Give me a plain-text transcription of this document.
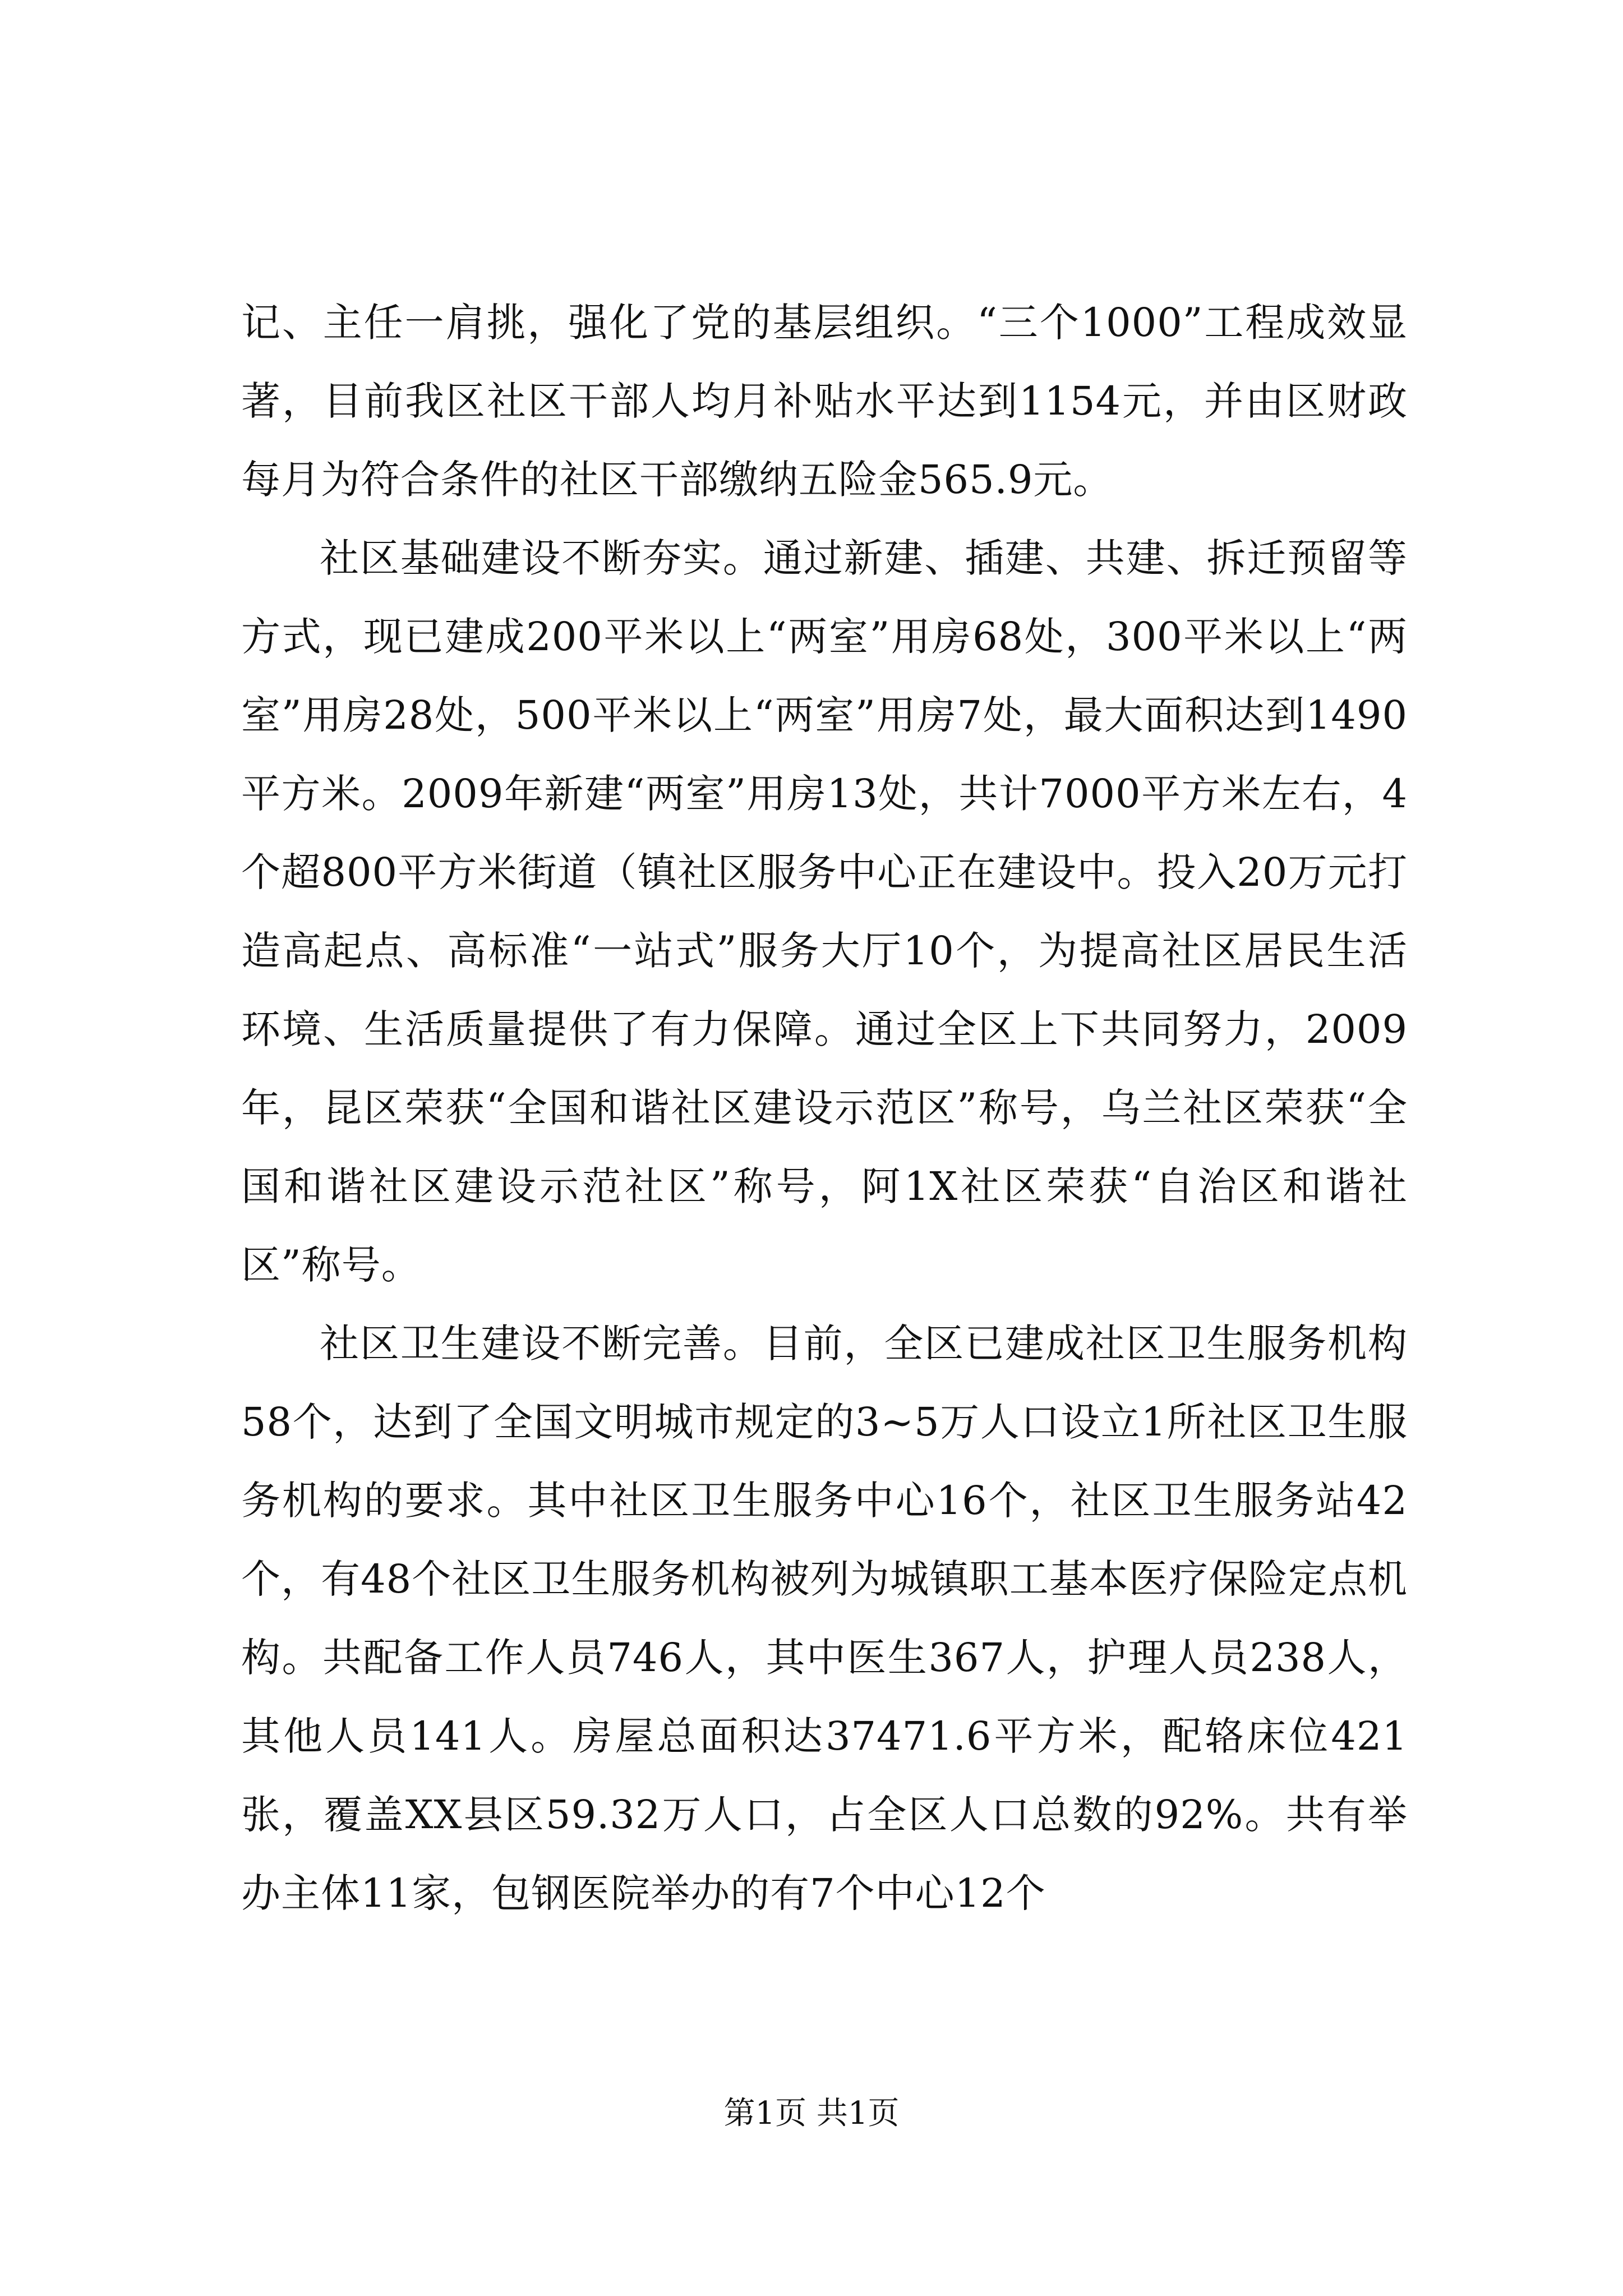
记、主任一肩挑，强化了党的基层组织。“三个1000”工程成效显著，目前我区社区干部人均月补贴水平达到1154元，并由区财政每月为符合条件的社区干部缴纳五险金565.9元。

社区基础建设不断夯实。通过新建、插建、共建、拆迁预留等方式，现已建成200平米以上“两室”用房68处，300平米以上“两室”用房28处，500平米以上“两室”用房7处，最大面积达到1490平方米。2009年新建“两室”用房13处，共计7000平方米左右，4个超800平方米街道（镇社区服务中心正在建设中。投入20万元打造高起点、高标准“一站式”服务大厅10个，为提高社区居民生活环境、生活质量提供了有力保障。通过全区上下共同努力，2009年，昆区荣获“全国和谐社区建设示范区”称号，乌兰社区荣获“全国和谐社区建设示范社区”称号，阿1X社区荣获“自治区和谐社区”称号。

社区卫生建设不断完善。目前，全区已建成社区卫生服务机构58个，达到了全国文明城市规定的3~5万人口设立1所社区卫生服务机构的要求。其中社区卫生服务中心16个，社区卫生服务站42个，有48个社区卫生服务机构被列为城镇职工基本医疗保险定点机构。共配备工作人员746人，其中医生367人，护理人员238人，其他人员141人。房屋总面积达37471.6平方米，配辂床位421张，覆盖XX县区59.32万人口，占全区人口总数的92%。共有举办主体11家，包钢医院举办的有7个中心12个

第1页 共1页
